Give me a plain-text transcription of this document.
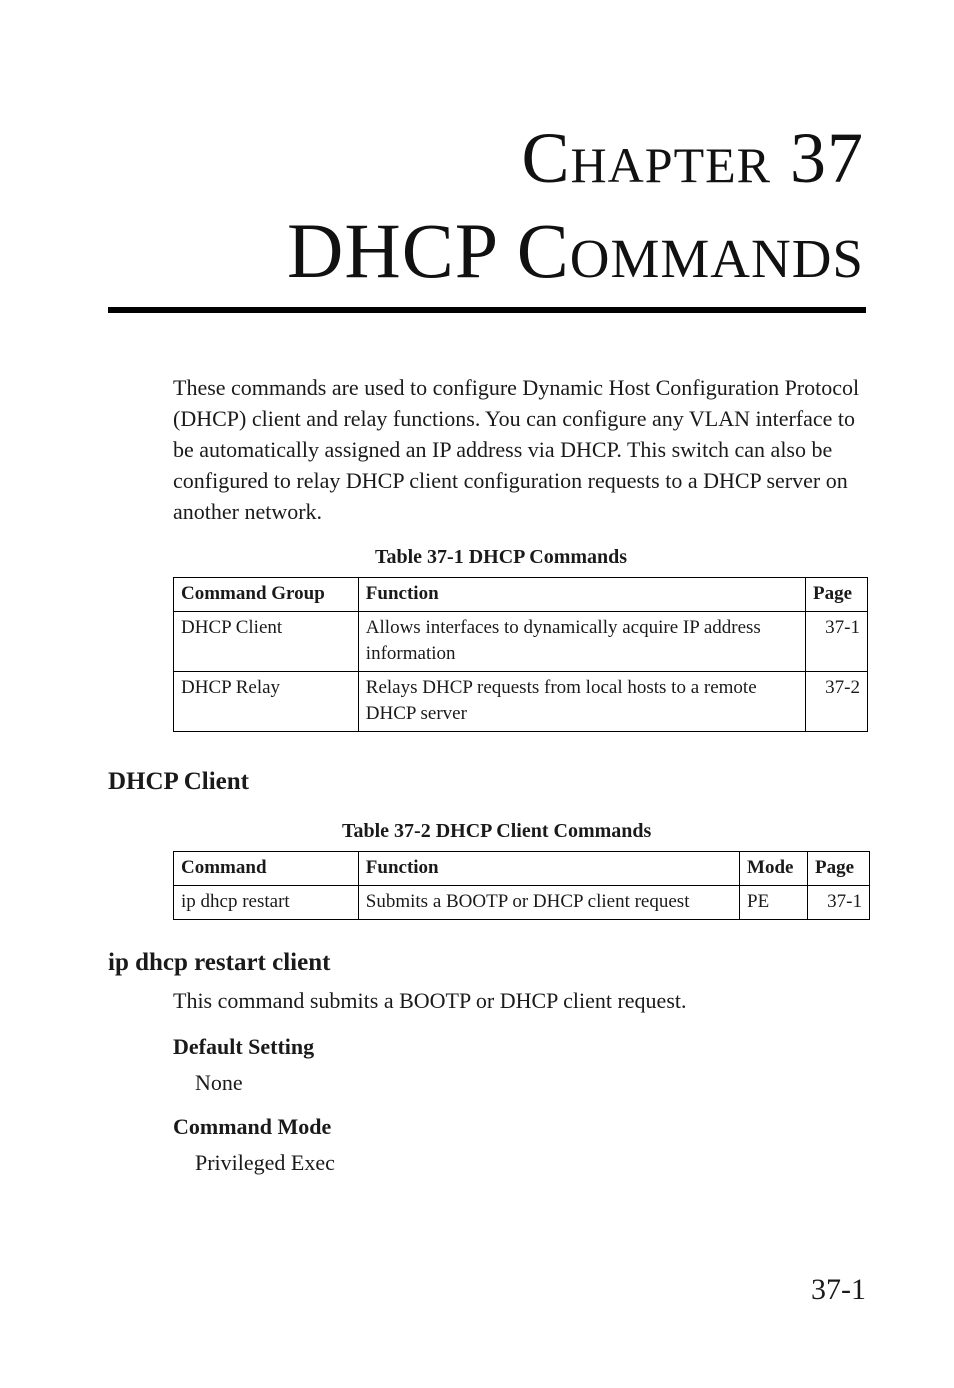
Chapter 37
DHCP Commands

These commands are used to configure Dynamic Host Configuration Protocol (DHCP) client and relay functions. You can configure any VLAN interface to be automatically assigned an IP address via DHCP. This switch can also be configured to relay DHCP client configuration requests to a DHCP server on another network.

Table 37-1 DHCP Commands

Command Group	Function	Page
DHCP Client	Allows interfaces to dynamically acquire IP address information	37-1
DHCP Relay	Relays DHCP requests from local hosts to a remote DHCP server	37-2
DHCP Client

Table 37-2 DHCP Client Commands

Command	Function	Mode	Page
ip dhcp restart	Submits a BOOTP or DHCP client request	PE	37-1
ip dhcp restart client

This command submits a BOOTP or DHCP client request.

Default Setting

None

Command Mode

Privileged Exec

37-1
